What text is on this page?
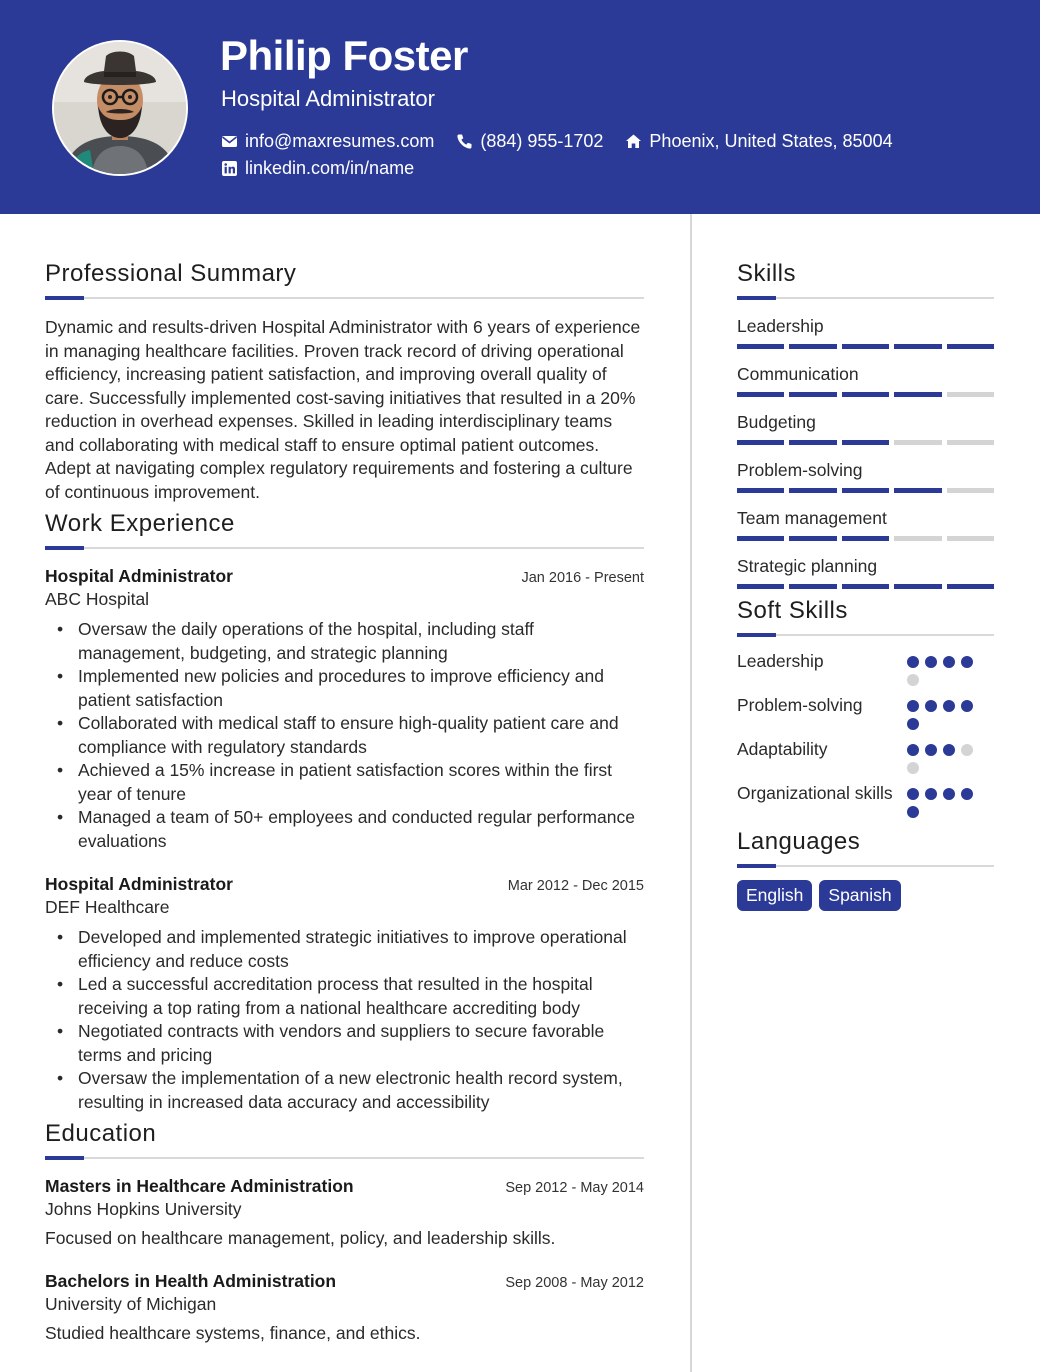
Philip Foster
Hospital Administrator
info@maxresumes.com	(884) 955-1702	Phoenix, United States, 85004
linkedin.com/in/name
Professional Summary

Dynamic and results-driven Hospital Administrator with 6 years of experience in managing healthcare facilities. Proven track record of driving operational efficiency, increasing patient satisfaction, and improving overall quality of care. Successfully implemented cost-saving initiatives that resulted in a 20% reduction in overhead expenses. Skilled in leading interdisciplinary teams and collaborating with medical staff to ensure optimal patient outcomes. Adept at navigating complex regulatory requirements and fostering a culture of continuous improvement.

Work Experience
Hospital Administrator	Jan 2016 - Present
ABC Hospital
• Oversaw the daily operations of the hospital, including staff management, budgeting, and strategic planning
• Implemented new policies and procedures to improve efficiency and patient satisfaction
• Collaborated with medical staff to ensure high-quality patient care and compliance with regulatory standards
• Achieved a 15% increase in patient satisfaction scores within the first year of tenure
• Managed a team of 50+ employees and conducted regular performance evaluations
Hospital Administrator	Mar 2012 - Dec 2015
DEF Healthcare
• Developed and implemented strategic initiatives to improve operational efficiency and reduce costs
• Led a successful accreditation process that resulted in the hospital receiving a top rating from a national healthcare accrediting body
• Negotiated contracts with vendors and suppliers to secure favorable terms and pricing
• Oversaw the implementation of a new electronic health record system, resulting in increased data accuracy and accessibility
Education
Masters in Healthcare Administration	Sep 2012 - May 2014
Johns Hopkins University
Focused on healthcare management, policy, and leadership skills.
Bachelors in Health Administration	Sep 2008 - May 2012
University of Michigan
Studied healthcare systems, finance, and ethics.
Skills
Leadership
Communication
Budgeting
Problem-solving
Team management
Strategic planning
Soft Skills
Leadership
Problem-solving
Adaptability
Organizational skills
Languages
English	Spanish
